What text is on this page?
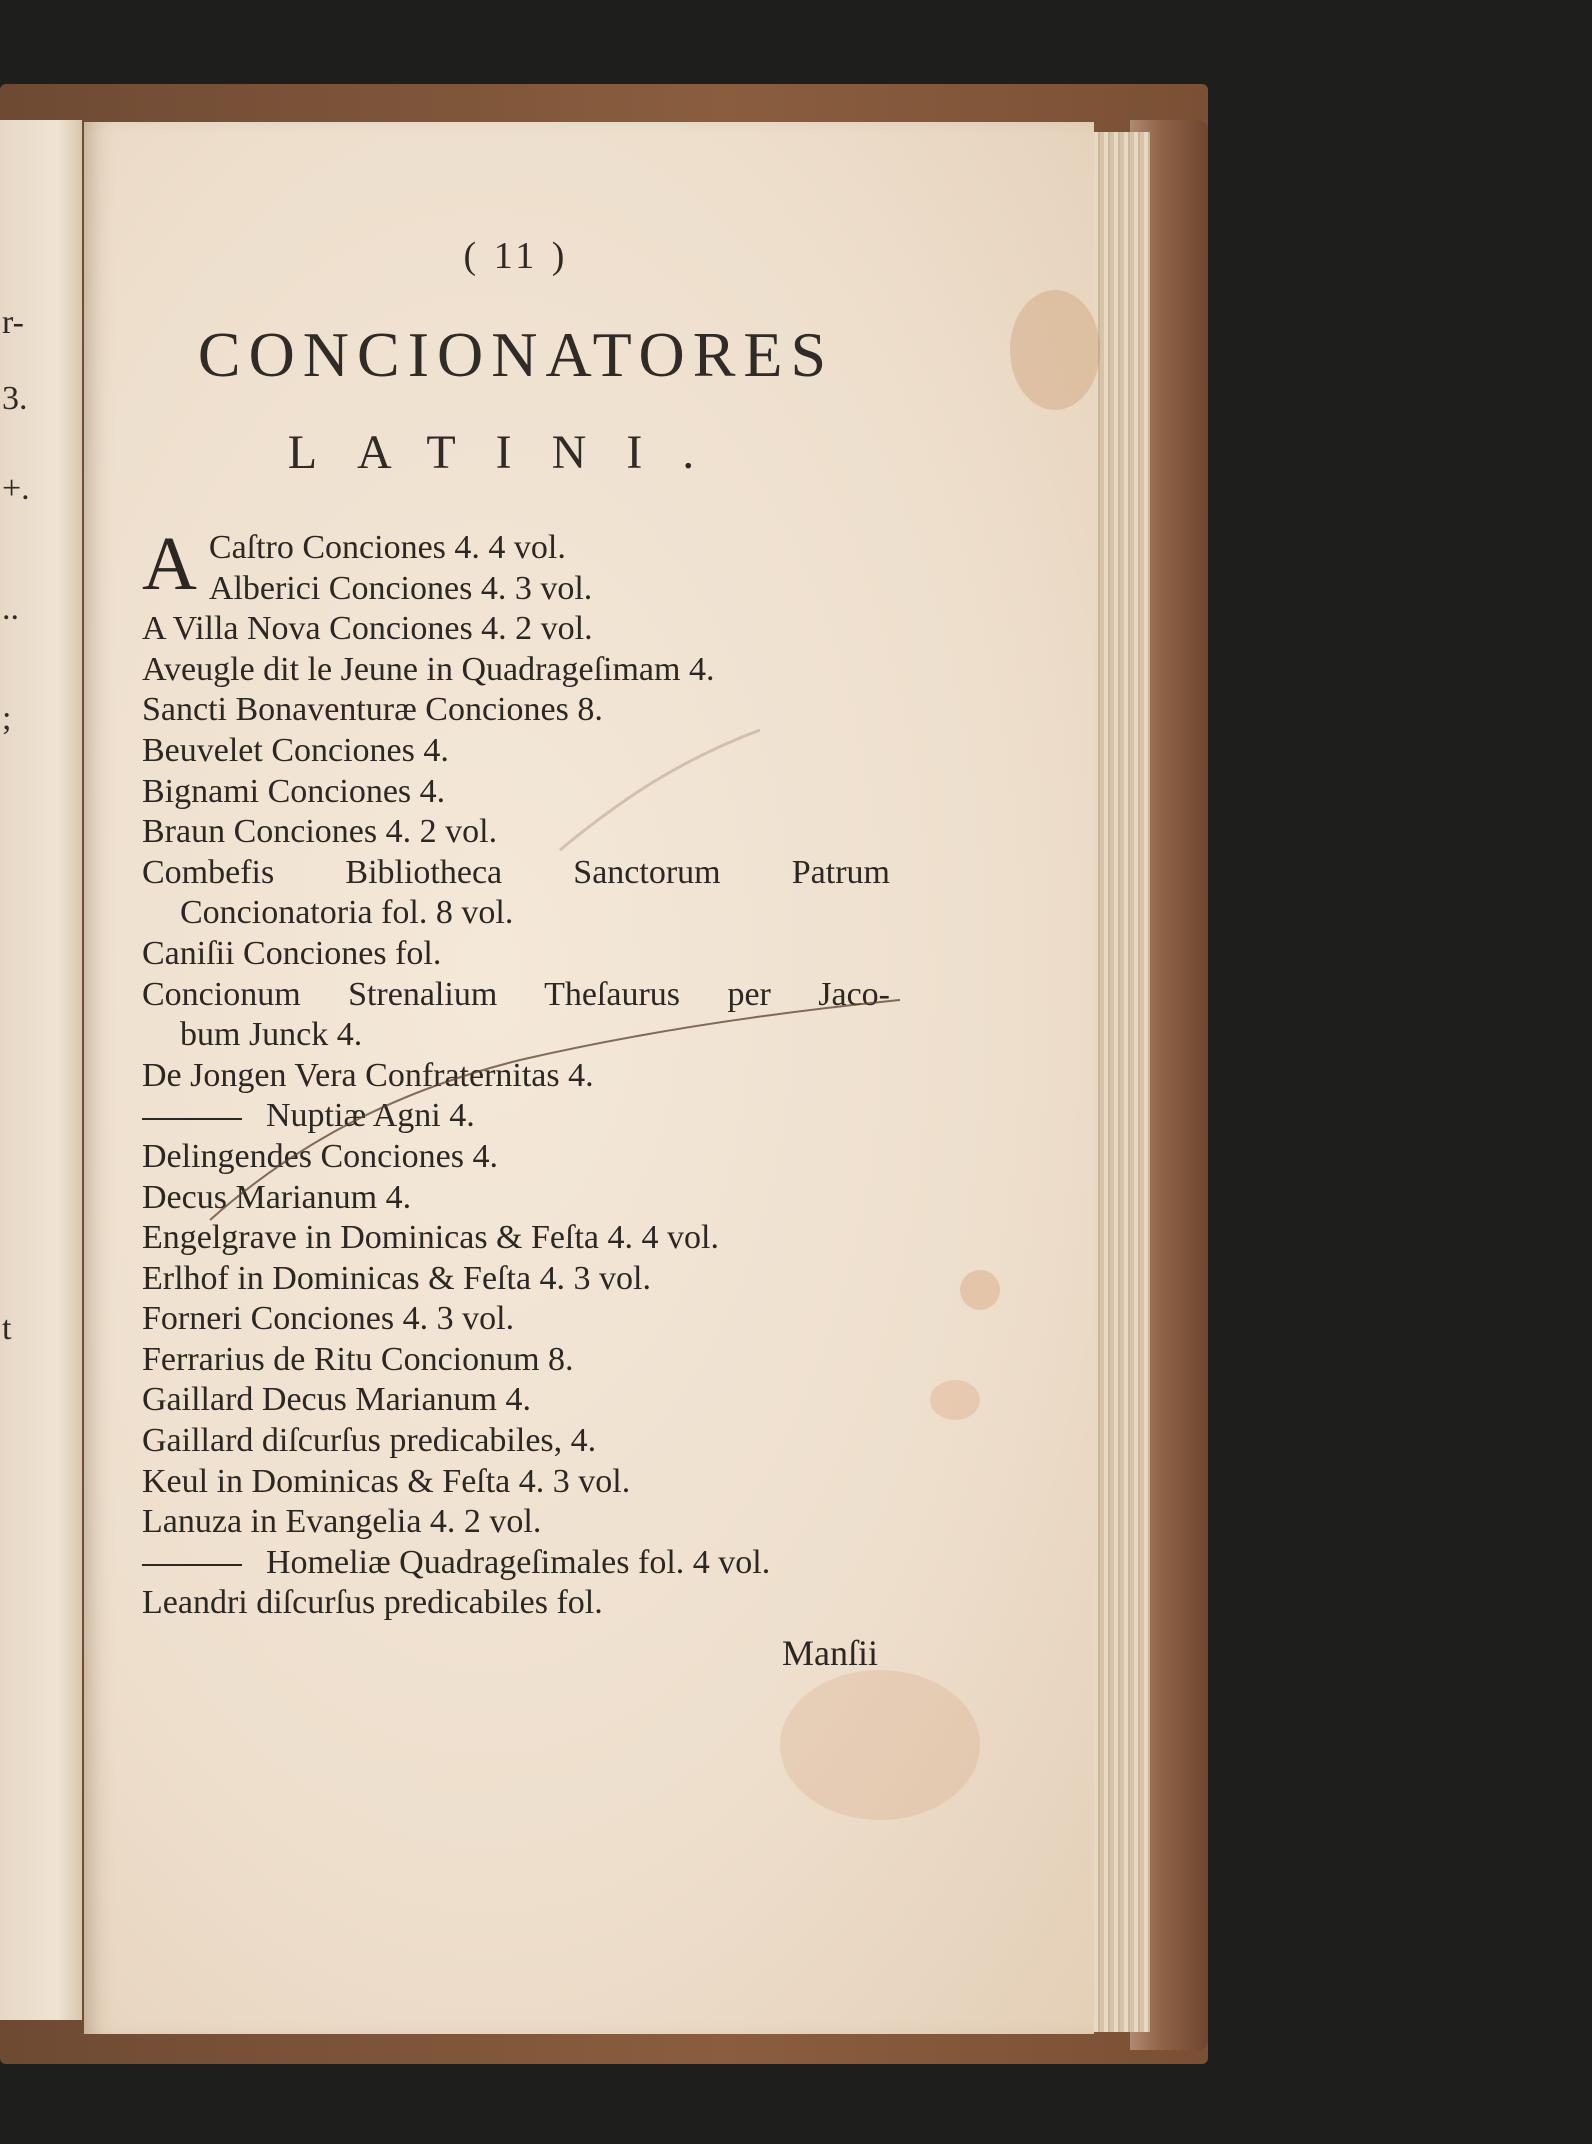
r-
3.
+.
..
;
t
( 11 )
CONCIONATORES
LATINI.
A Caſtro Conciones 4. 4 vol.
Alberici Conciones 4. 3 vol.
A Villa Nova Conciones 4. 2 vol.
Aveugle dit le Jeune in Quadrageſimam 4.
Sancti Bonaventuræ Conciones 8.
Beuvelet Conciones 4.
Bignami Conciones 4.
Braun Conciones 4. 2 vol.
Combefis Bibliotheca Sanctorum Patrum
Concionatoria fol. 8 vol.
Caniſii Conciones fol.
Concionum Strenalium Theſaurus per Jaco-
bum Junck 4.
De Jongen Vera Confraternitas 4.
Nuptiæ Agni 4.
Delingendes Conciones 4.
Decus Marianum 4.
Engelgrave in Dominicas & Feſta 4. 4 vol.
Erlhof in Dominicas & Feſta 4. 3 vol.
Forneri Conciones 4. 3 vol.
Ferrarius de Ritu Concionum 8.
Gaillard Decus Marianum 4.
Gaillard diſcurſus predicabiles, 4.
Keul in Dominicas & Feſta 4. 3 vol.
Lanuza in Evangelia 4. 2 vol.
Homeliæ Quadrageſimales fol. 4 vol.
Leandri diſcurſus predicabiles fol.
Manſii
